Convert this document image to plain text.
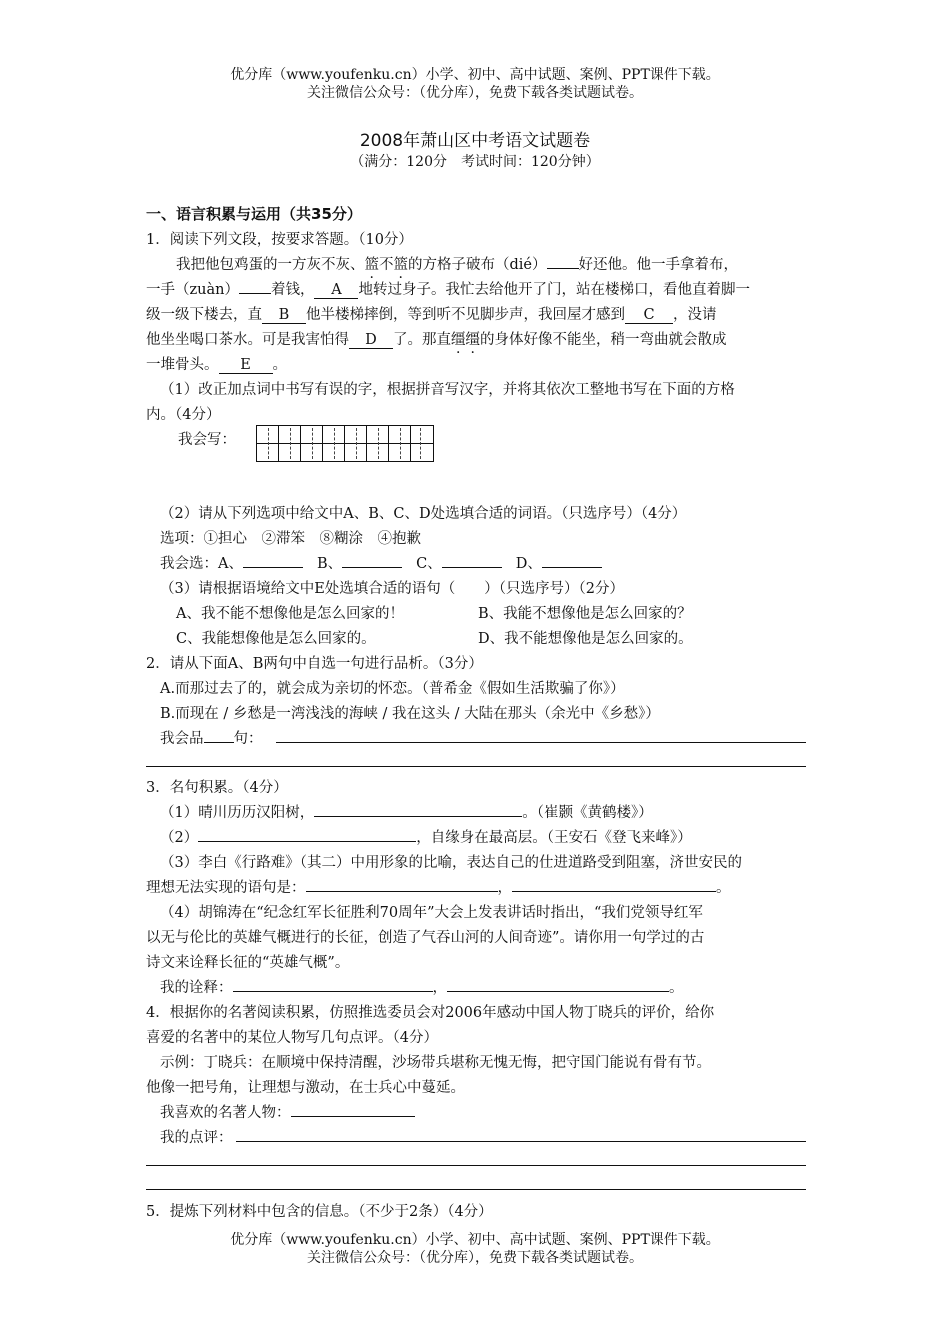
优分库（www.youfenku.cn）小学、初中、高中试题、案例、PPT课件下载。
关注微信公众号：（优分库），免费下载各类试题试卷。
2008年萧山区中考语文试题卷
（满分：120分　考试时间：120分钟）
一、语言积累与运用（共35分）
1．阅读下列文段，按要求答题。（10分）
我把他包鸡蛋的一方灰不灰、篮不篮的方格子破布（dié） 好还他。他一手拿着布，
一手（zuàn） 着钱， A 地转过身子。我忙去给他开了门，站在楼梯口，看他直着脚一
级一级下楼去，直 B 他半楼梯摔倒，等到听不见脚步声，我回屋才感到 C ，没请
他坐坐喝口茶水。可是我害怕得 D 了。那直缰缰的身体好像不能坐，稍一弯曲就会散成
一堆骨头。 E 。
（1）改正加点词中书写有误的字，根据拼音写汉字，并将其依次工整地书写在下面的方格
内。（4分）
我会写：
（2）请从下列选项中给文中A、B、C、D处选填合适的词语。（只选序号）（4分）
选项：①担心　②滞笨　⑧糊涂　④抱歉
我会选：A、	B、	C、	D、
（3）请根据语境给文中E处选填合适的语句（　　）（只选序号）（2分）
A、我不能不想像他是怎么回家的！	B、我能不想像他是怎么回家的？
C、我能想像他是怎么回家的。	D、我不能想像他是怎么回家的。
2．请从下面A、B两句中自选一句进行品析。（3分）
A.而那过去了的，就会成为亲切的怀恋。（普希金《假如生活欺骗了你》）
B.而现在 / 乡愁是一湾浅浅的海峡 / 我在这头 / 大陆在那头（余光中《乡愁》）
我会品 句：
3．名句积累。（4分）
（1）晴川历历汉阳树，	。（崔颢《黄鹤楼》）
（2）	，自缘身在最高层。（王安石《登飞来峰》）
（3）李白《行路难》（其二）中用形象的比喻，表达自己的仕进道路受到阻塞，济世安民的
理想无法实现的语句是：	，	。
（4）胡锦涛在“纪念红军长征胜利70周年”大会上发表讲话时指出，“我们党领导红军
以无与伦比的英雄气概进行的长征，创造了气吞山河的人间奇迹”。请你用一句学过的古
诗文来诠释长征的“英雄气概”。
我的诠释：	，	。
4．根据你的名著阅读积累，仿照推选委员会对2006年感动中国人物丁晓兵的评价，给你
喜爱的名著中的某位人物写几句点评。（4分）
示例：丁晓兵：在顺境中保持清醒，沙场带兵堪称无愧无悔，把守国门能说有骨有节。
他像一把号角，让理想与激动，在士兵心中蔓延。
我喜欢的名著人物：
我的点评：
5．提炼下列材料中包含的信息。（不少于2条）（4分）
优分库（www.youfenku.cn）小学、初中、高中试题、案例、PPT课件下载。
关注微信公众号：（优分库），免费下载各类试题试卷。
